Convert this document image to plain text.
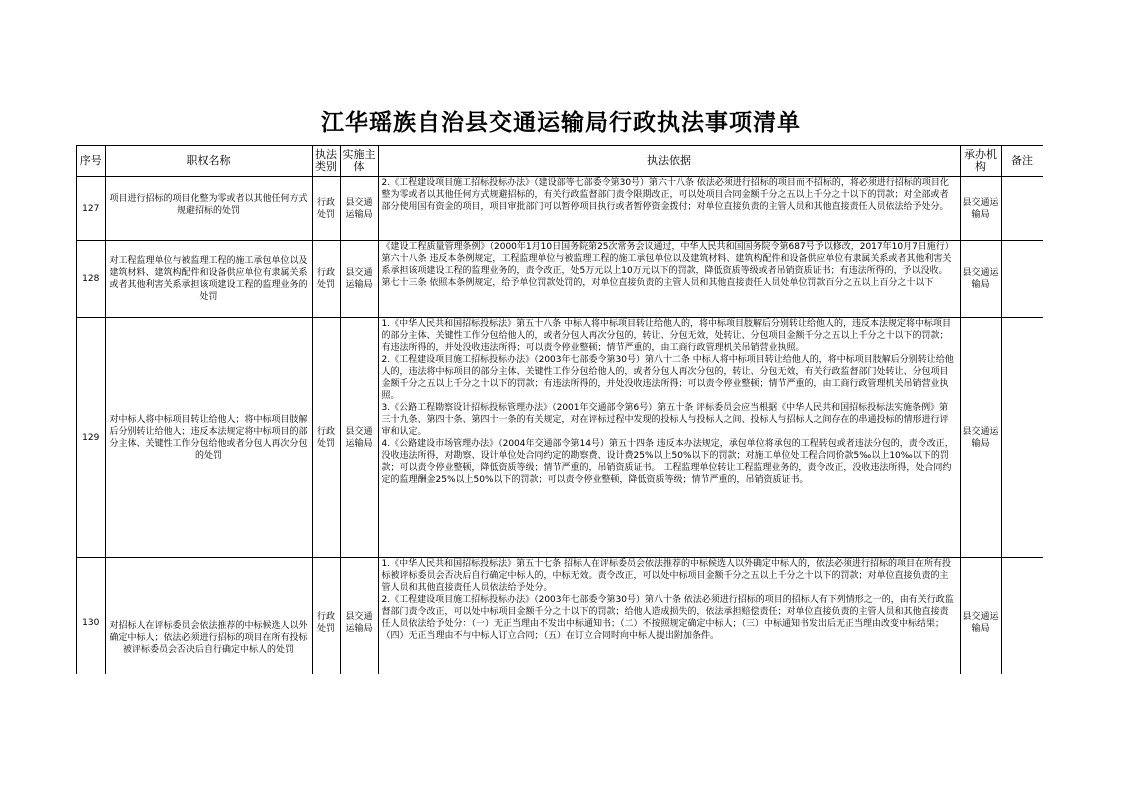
江华瑶族自治县交通运输局行政执法事项清单
序号	职权名称	执法类别	实施主体	执法依据	承办机构	备注
127	项目进行招标的项目化整为零或者以其他任何方式规避招标的处罚	行政处罚	县交通运输局	2.《工程建设项目施工招标投标办法》（建设部等七部委令第30号）第六十八条 依法必须进行招标的项目而不招标的，将必须进行招标的项目化整为零或者以其他任何方式规避招标的，有关行政监督部门责令限期改正，可以处项目合同金额千分之五以上千分之十以下的罚款；对全部或者部分使用国有资金的项目，项目审批部门可以暂停项目执行或者暂停资金拨付；对单位直接负责的主管人员和其他直接责任人员依法给予处分。	县交通运输局	
128	对工程监理单位与被监理工程的施工承包单位以及建筑材料、建筑构配件和设备供应单位有隶属关系或者其他利害关系承担该项建设工程的监理业务的处罚	行政处罚	县交通运输局	《建设工程质量管理条例》（2000年1月10日国务院第25次常务会议通过，中华人民共和国国务院令第687号予以修改，2017年10月7日施行）第六十八条 违反本条例规定，工程监理单位与被监理工程的施工承包单位以及建筑材料、建筑构配件和设备供应单位有隶属关系或者其他利害关系承担该项建设工程的监理业务的，责令改正，处5万元以上10万元以下的罚款，降低资质等级或者吊销资质证书；有违法所得的，予以没收。第七十三条 依照本条例规定，给予单位罚款处罚的，对单位直接负责的主管人员和其他直接责任人员处单位罚款百分之五以上百分之十以下	县交通运输局	
129	对中标人将中标项目转让给他人；将中标项目肢解后分别转让给他人；违反本法规定将中标项目的部分主体、关键性工作分包给他或者分包人再次分包的处罚	行政处罚	县交通运输局	1.《中华人民共和国招标投标法》第五十八条 中标人将中标项目转让给他人的，将中标项目肢解后分别转让给他人的，违反本法规定将中标项目的部分主体、关键性工作分包给他人的，或者分包人再次分包的，转让、分包无效，处转让、分包项目金额千分之五以上千分之十以下的罚款；有违法所得的，并处没收违法所得；可以责令停业整顿；情节严重的，由工商行政管理机关吊销营业执照。
2.《工程建设项目施工招标投标办法》（2003年七部委令第30号）第八十二条 中标人将中标项目转让给他人的，将中标项目肢解后分别转让给他人的，违法将中标项目的部分主体、关键性工作分包给他人的，或者分包人再次分包的，转让、分包无效，有关行政监督部门处转让、分包项目金额千分之五以上千分之十以下的罚款；有违法所得的，并处没收违法所得；可以责令停业整顿；情节严重的，由工商行政管理机关吊销营业执照。
3.《公路工程勘察设计招标投标管理办法》（2001年交通部令第6号）第五十条 评标委员会应当根据《中华人民共和国招标投标法实施条例》第三十九条、第四十条、第四十一条的有关规定，对在评标过程中发现的投标人与投标人之间、投标人与招标人之间存在的串通投标的情形进行评审和认定。
4.《公路建设市场管理办法》（2004年交通部令第14号）第五十四条 违反本办法规定，承包单位将承包的工程转包或者违法分包的，责令改正，没收违法所得，对勘察、设计单位处合同约定的勘察费、设计费25%以上50%以下的罚款；对施工单位处工程合同价款5‰以上10‰以下的罚款；可以责令停业整顿，降低资质等级；情节严重的，吊销资质证书。 工程监理单位转让工程监理业务的，责令改正，没收违法所得，处合同约定的监理酬金25%以上50%以下的罚款；可以责令停业整顿，降低资质等级；情节严重的，吊销资质证书。	县交通运输局	
130	对招标人在评标委员会依法推荐的中标候选人以外确定中标人；依法必须进行招标的项目在所有投标被评标委员会否决后自行确定中标人的处罚	行政处罚	县交通运输局	1.《中华人民共和国招标投标法》第五十七条 招标人在评标委员会依法推荐的中标候选人以外确定中标人的，依法必须进行招标的项目在所有投标被评标委员会否决后自行确定中标人的，中标无效。责令改正，可以处中标项目金额千分之五以上千分之十以下的罚款；对单位直接负责的主管人员和其他直接责任人员依法给予处分。
2.《工程建设项目施工招标投标办法》（2003年七部委令第30号）第八十条 依法必须进行招标的项目的招标人有下列情形之一的，由有关行政监督部门责令改正，可以处中标项目金额千分之十以下的罚款；给他人造成损失的，依法承担赔偿责任；对单位直接负责的主管人员和其他直接责任人员依法给予处分：（一）无正当理由不发出中标通知书；（二）不按照规定确定中标人；（三）中标通知书发出后无正当理由改变中标结果；（四）无正当理由不与中标人订立合同；（五）在订立合同时向中标人提出附加条件。	县交通运输局	
